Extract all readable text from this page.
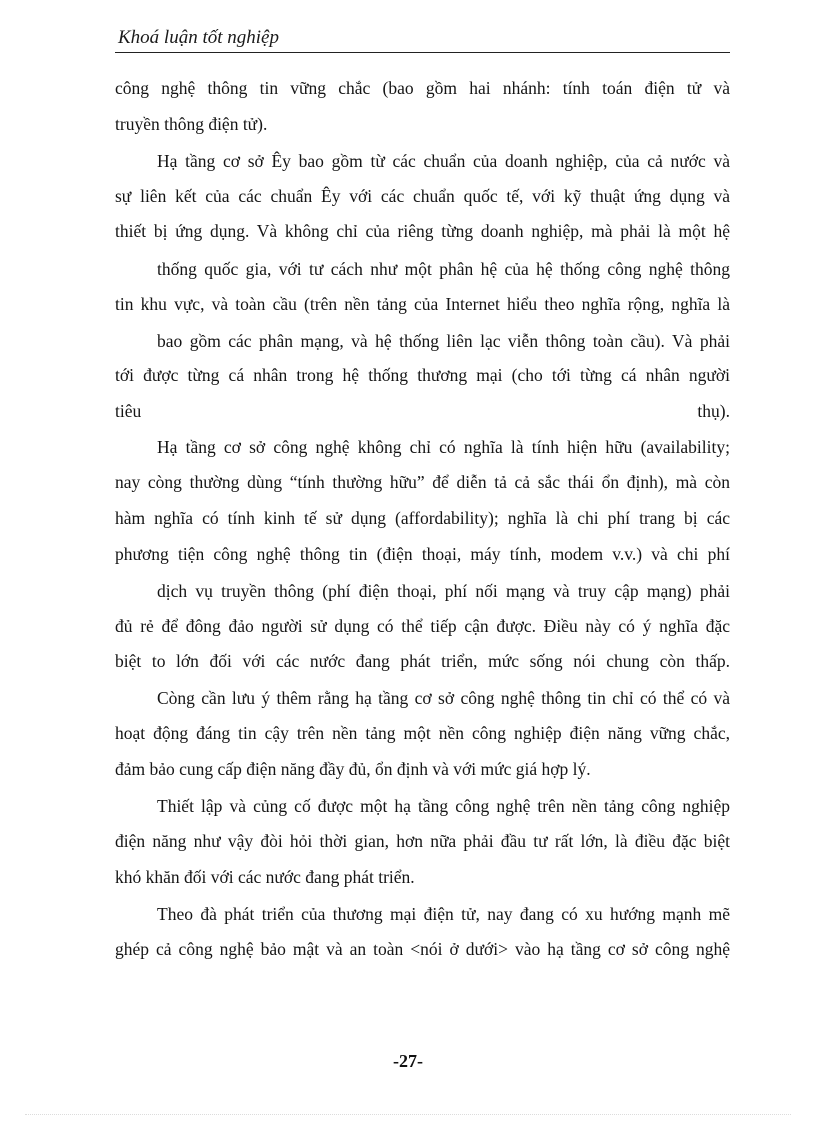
Khoá luận tốt nghiệp
công nghệ thông tin vững chắc (bao gồm hai nhánh: tính toán điện tử và
truyền thông điện tử).
Hạ tầng cơ sở Êy bao gồm từ các chuẩn của doanh nghiệp, của cả nước và
sự liên kết của các chuẩn Êy với các chuẩn quốc tế, với kỹ thuật ứng dụng và
thiết bị ứng dụng. Và không chỉ của riêng từng doanh nghiệp, mà phải là một hệ
thống quốc gia, với tư cách như một phân hệ của hệ thống công nghệ thông
tin khu vực, và toàn cầu (trên nền tảng của Internet hiểu theo nghĩa rộng, nghĩa là
bao gồm các phân mạng, và hệ thống liên lạc viễn thông toàn cầu). Và phải
tới được từng cá nhân trong hệ thống thương mại (cho tới từng cá nhân người
tiêu	thụ).
Hạ tầng cơ sở công nghệ không chỉ có nghĩa là tính hiện hữu (availability;
nay còng thường dùng “tính thường hữu” để diễn tả cả sắc thái ổn định), mà còn
hàm nghĩa có tính kinh tế sử dụng (affordability); nghĩa là chi phí trang bị các
phương tiện công nghệ thông tin (điện thoại, máy tính, modem v.v.) và chi phí
dịch vụ truyền thông (phí điện thoại, phí nối mạng và truy cập mạng) phải
đủ rẻ để đông đảo người sử dụng có thể tiếp cận được. Điều này có ý nghĩa đặc
biệt to lớn đối với các nước đang phát triển, mức sống nói chung còn thấp.
Còng cần lưu ý thêm rằng hạ tầng cơ sở công nghệ thông tin chỉ có thể có và
hoạt động đáng tin cậy trên nền tảng một nền công nghiệp điện năng vững chắc,
đảm bảo cung cấp điện năng đầy đủ, ổn định và với mức giá hợp lý.
Thiết lập và củng cố được một hạ tầng công nghệ trên nền tảng công nghiệp
điện năng như vậy đòi hỏi thời gian, hơn nữa phải đầu tư rất lớn, là điều đặc biệt
khó khăn đối với các nước đang phát triển.
Theo đà phát triển của thương mại điện tử, nay đang có xu hướng mạnh mẽ
ghép cả công nghệ bảo mật và an toàn <nói ở dưới> vào hạ tầng cơ sở công nghệ
-27-
